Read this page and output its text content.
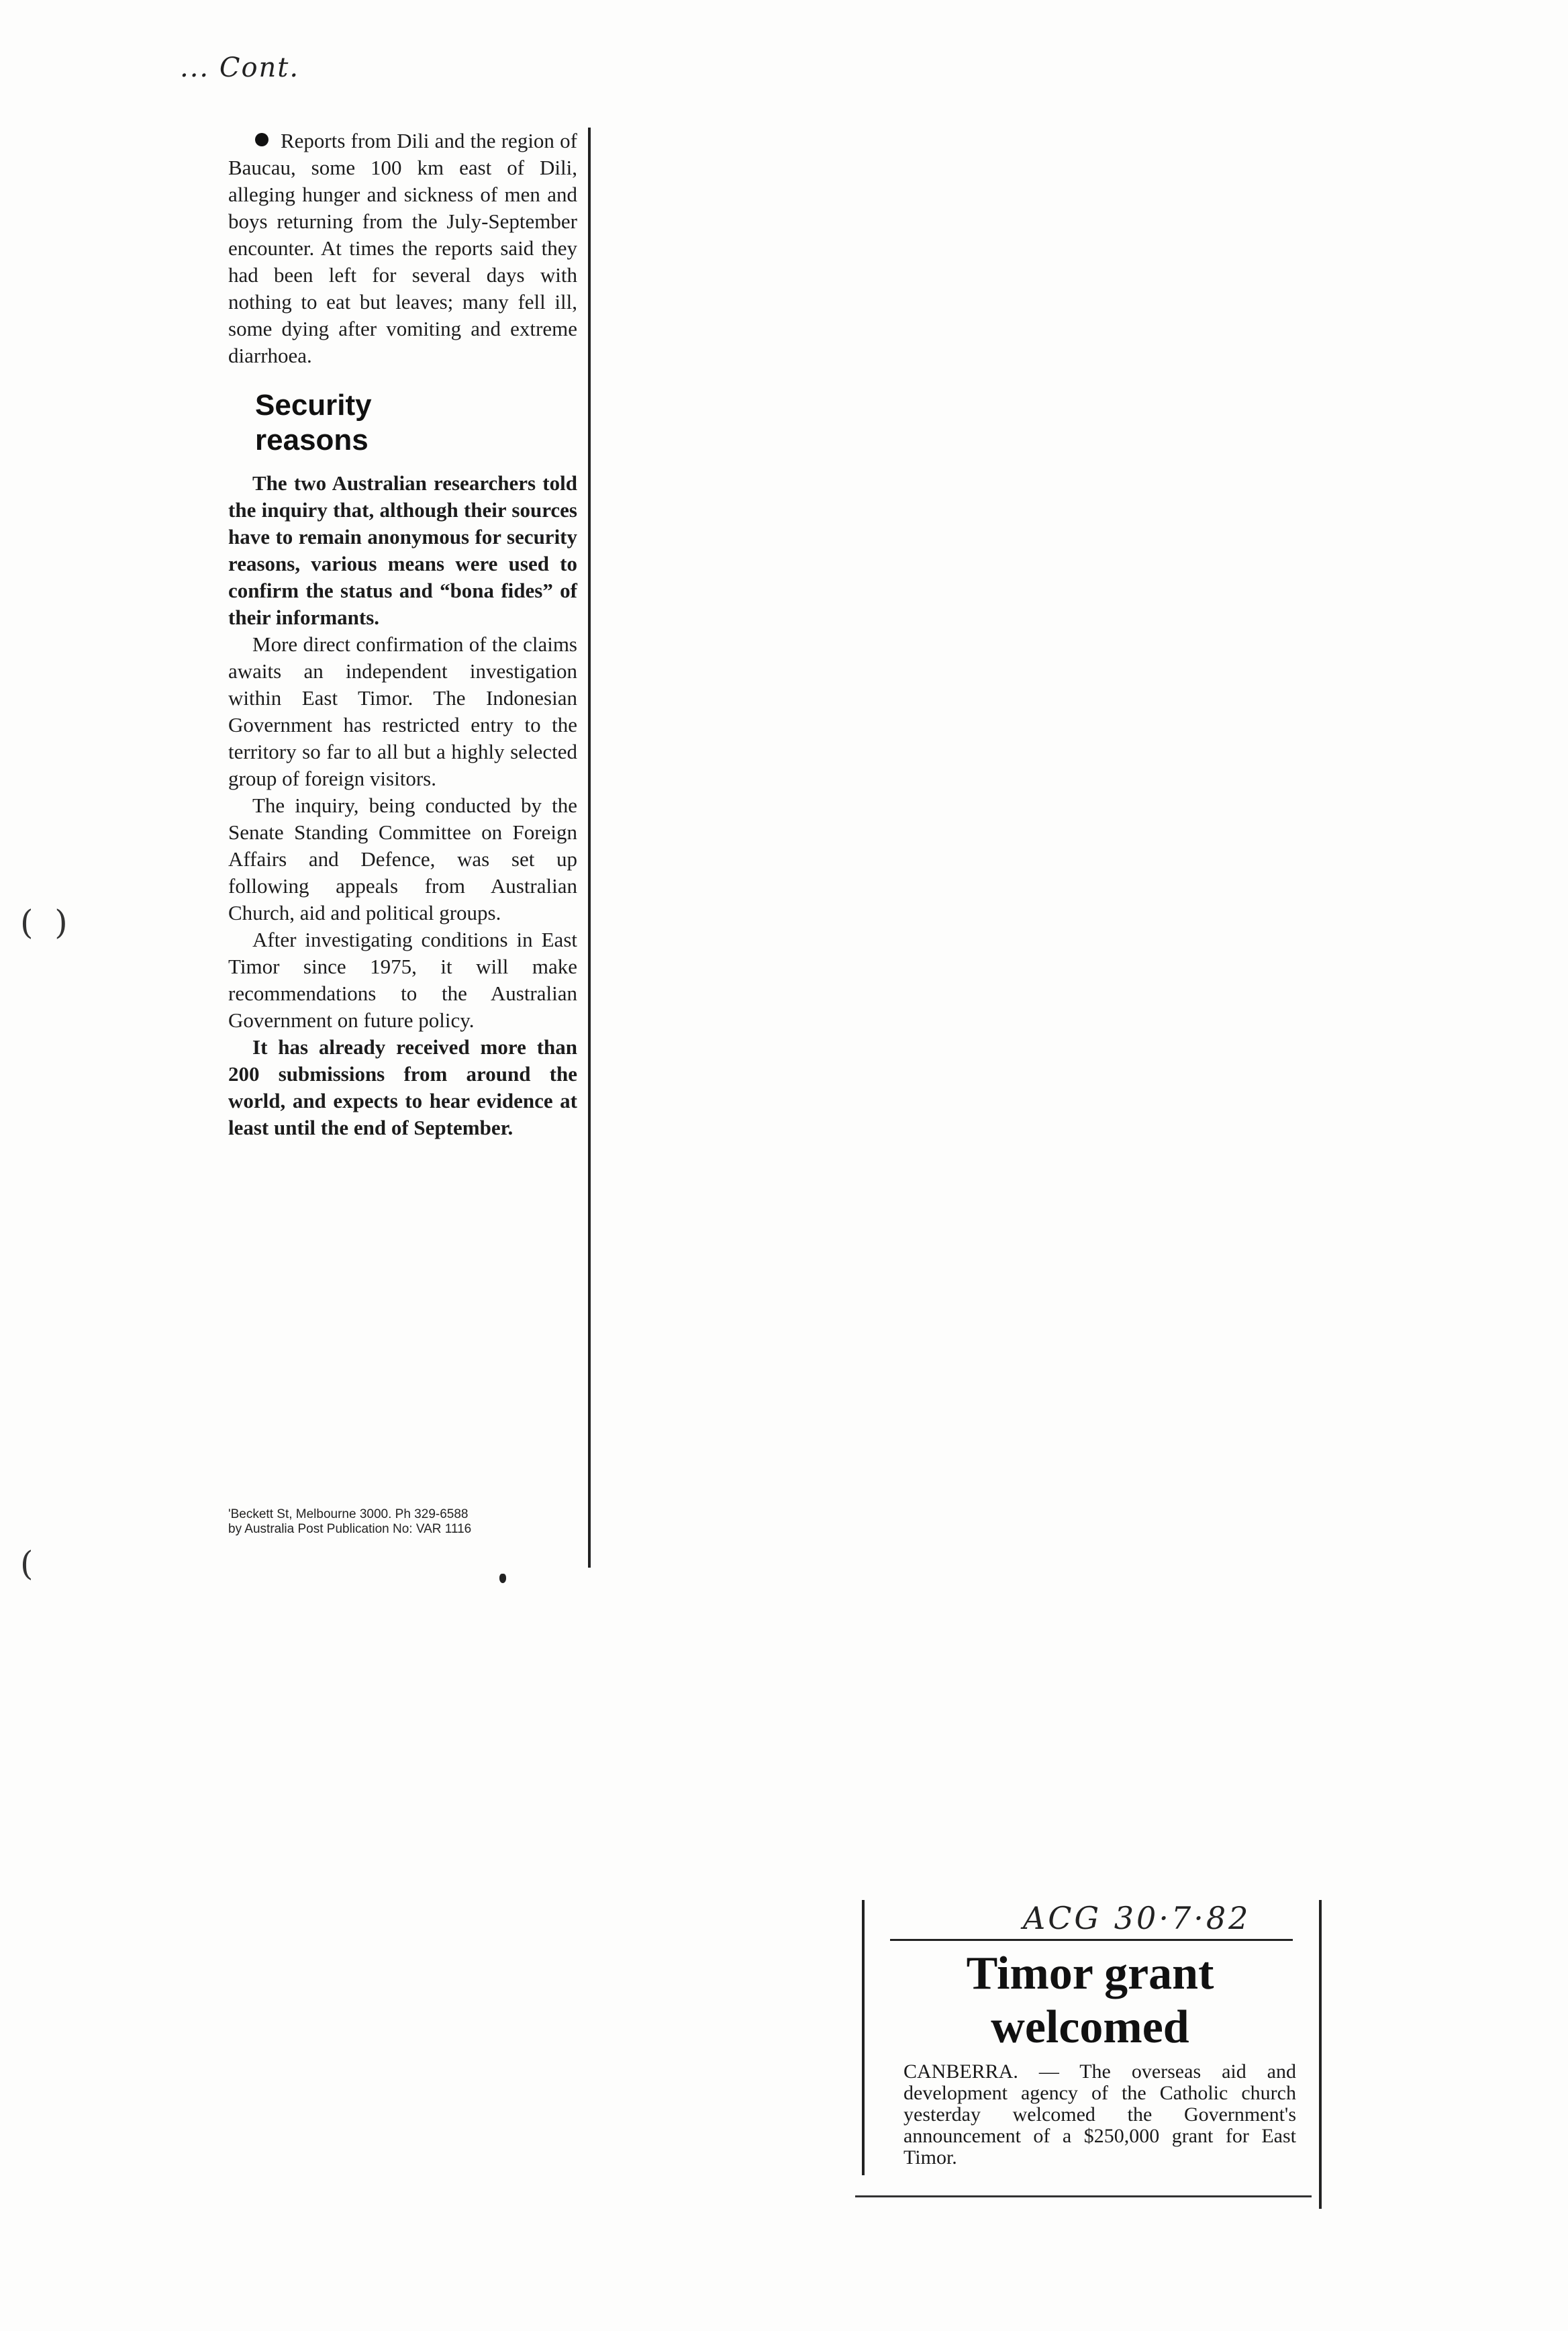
... Cont.

Reports from Dili and the region of Baucau, some 100 km east of Dili, alleging hunger and sickness of men and boys returning from the July-September encounter. At times the reports said they had been left for several days with nothing to eat but leaves; many fell ill, some dying after vomiting and extreme diarrhoea.

Security reasons

The two Australian researchers told the inquiry that, although their sources have to remain anonymous for security reasons, various means were used to confirm the status and “bona fides” of their informants.

More direct confirmation of the claims awaits an independent investigation within East Timor. The Indonesian Government has restricted entry to the territory so far to all but a highly selected group of foreign visitors.

The inquiry, being conducted by the Senate Standing Committee on Foreign Affairs and Defence, was set up following appeals from Australian Church, aid and political groups.

After investigating conditions in East Timor since 1975, it will make recommendations to the Australian Government on future policy.

It has already received more than 200 submissions from around the world, and expects to hear evidence at least until the end of September.

'Beckett St, Melbourne 3000. Ph 329-6588
by Australia Post Publication No: VAR 1116
(  )
(
ACG 30·7·82
Timor grant welcomed
CANBERRA. — The overseas aid and development agency of the Catholic church yesterday welcomed the Government's announcement of a $250,000 grant for East Timor.
